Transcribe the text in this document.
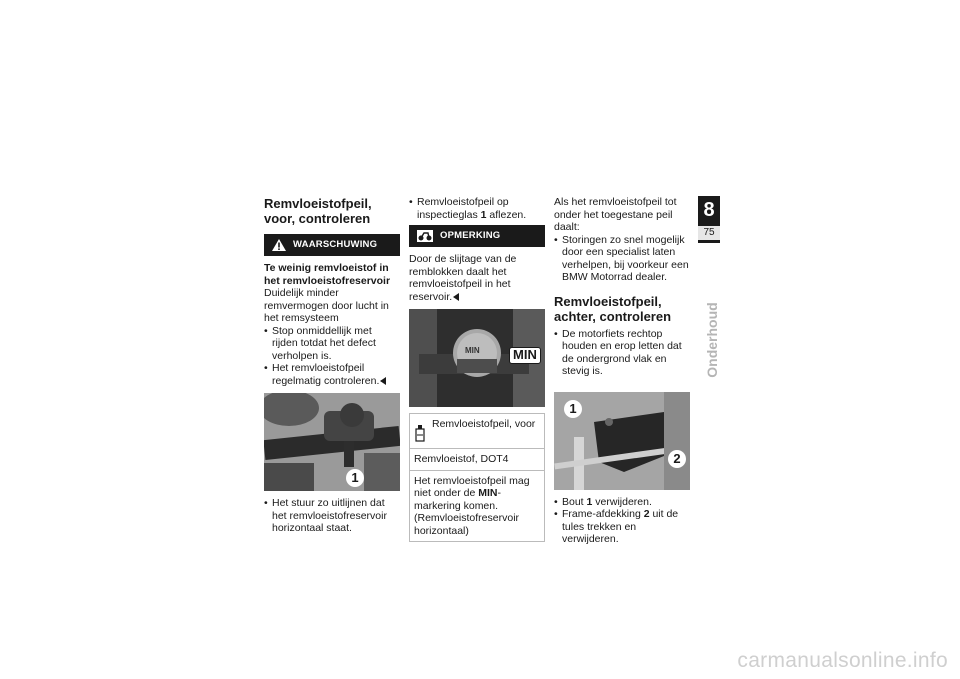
Remvloeistofpeil, voor, controleren
WAARSCHUWING

Te weinig remvloeistof in het remvloeistofreservoir

Duidelijk minder remvermogen door lucht in het remsysteem

• Stop onmiddellijk met rijden totdat het defect verholpen is.
• Het remvloeistofpeil regelmatig controleren.
1
• Het stuur zo uitlijnen dat het remvloeistofreservoir horizontaal staat.
• Remvloeistofpeil op inspectieglas 1 aflezen.
OPMERKING

Door de slijtage van de remblokken daalt het remvloeistofpeil in het reservoir.

MIN	MIN
Remvloeistofpeil, voor
Remvloeistof, DOT4
Het remvloeistofpeil mag niet onder de MIN-markering komen. (Remvloeistofreservoir horizontaal)

Als het remvloeistofpeil tot onder het toegestane peil daalt:

• Storingen zo snel mogelijk door een specialist laten verhelpen, bij voorkeur een BMW Motorrad dealer.
Remvloeistofpeil, achter, controleren
• De motorfiets rechtop houden en erop letten dat de ondergrond vlak en stevig is.
1
2
• Bout 1 verwijderen.
• Frame-afdekking 2 uit de tules trekken en verwijderen.
8
75
Onderhoud
carmanualsonline.info
